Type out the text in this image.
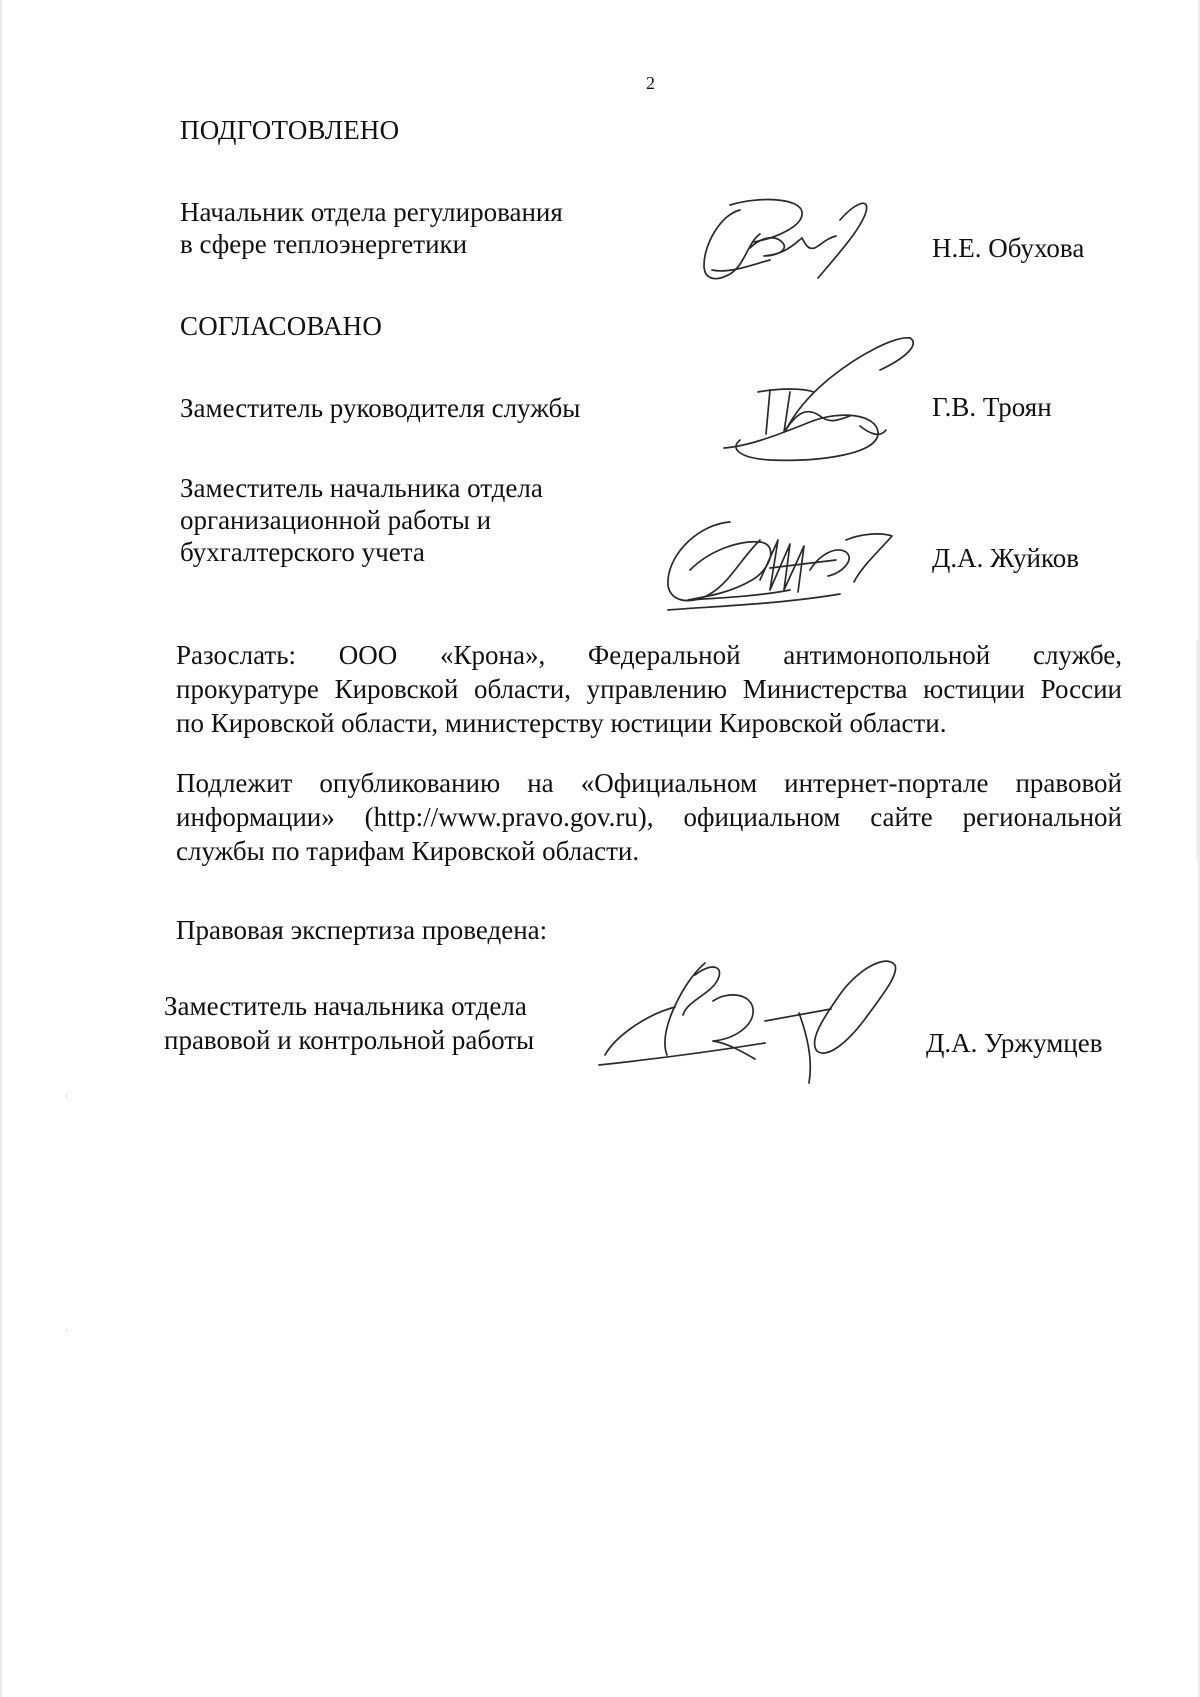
2
ПОДГОТОВЛЕНО
Начальник отдела регулирования
в сфере теплоэнергетики	Н.Е. Обухова
СОГЛАСОВАНО
Заместитель руководителя службы	Г.В. Троян
Заместитель начальника отдела
организационной работы и
бухгалтерского учета	Д.А. Жуйков
Разослать: ООО «Крона», Федеральной антимонопольной службе,
прокуратуре Кировской области, управлению Министерства юстиции России
по Кировской области, министерству юстиции Кировской области.
Подлежит опубликованию на «Официальном интернет-портале правовой
информации» (http://www.pravo.gov.ru), официальном сайте региональной
службы по тарифам Кировской области.
Правовая экспертиза проведена:
Заместитель начальника отдела
правовой и контрольной работы	Д.А. Уржумцев
